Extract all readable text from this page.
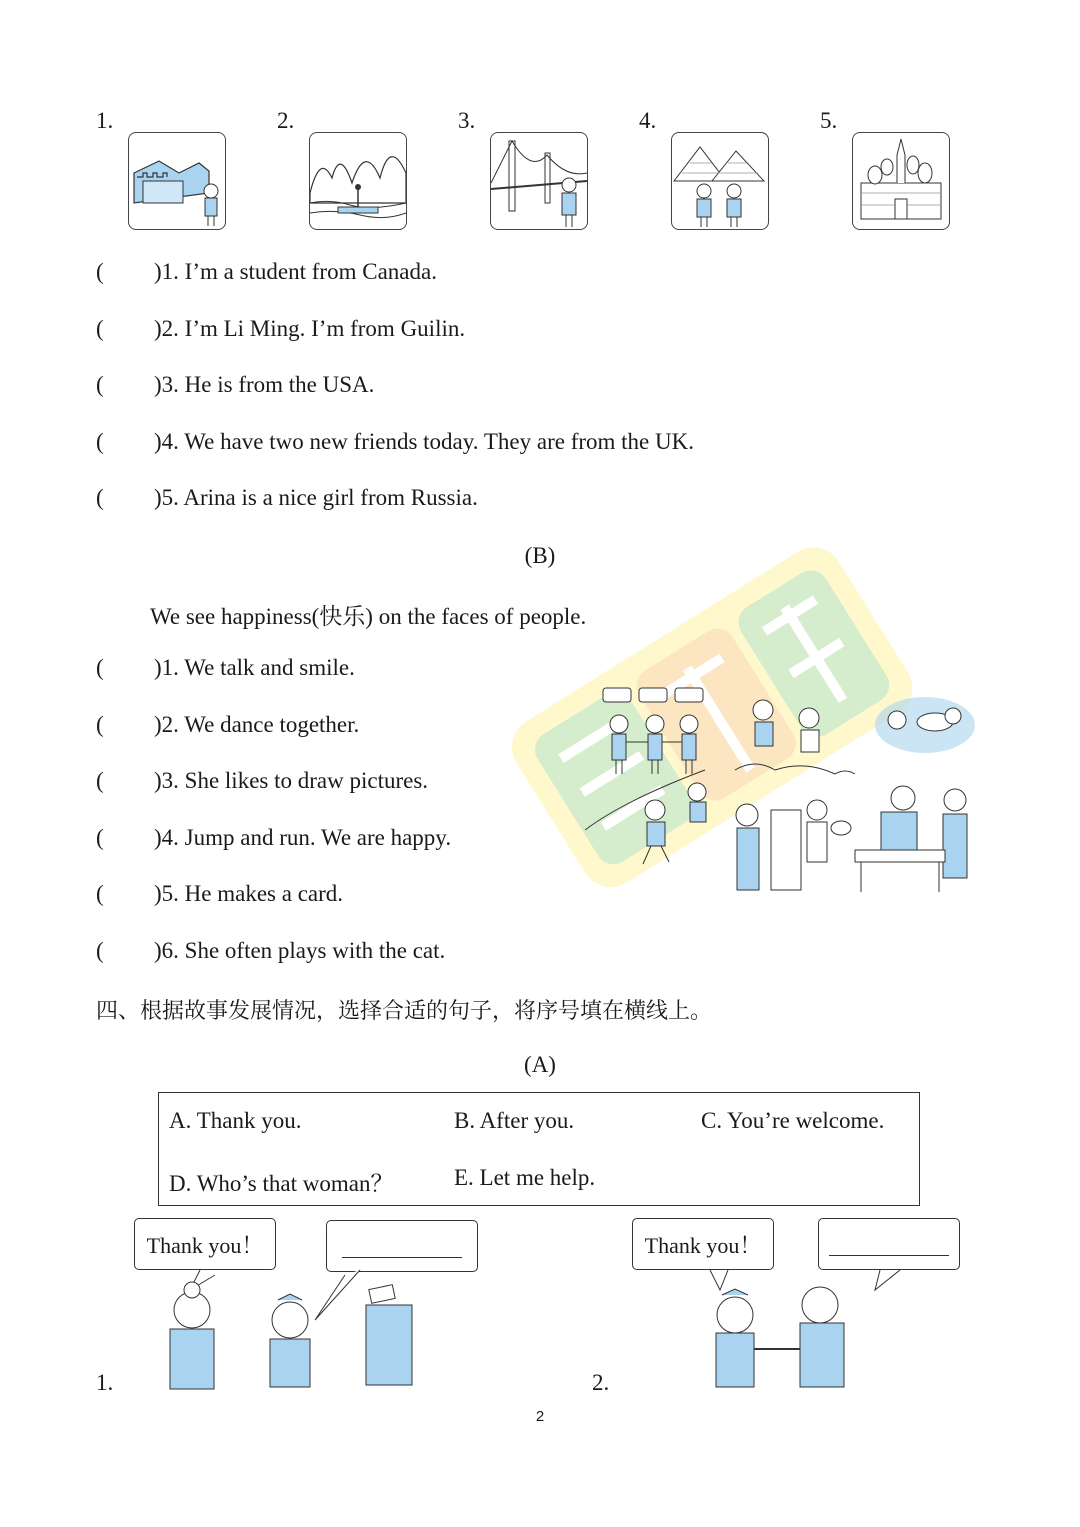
1.	2.	3.	4.	5.
( )1. I’m a student from Canada.
( )2. I’m Li Ming. I’m from Guilin.
( )3. He is from the USA.
( )4. We have two new friends today. They are from the UK.
( )5. Arina is a nice girl from Russia.
(B)
We see happiness(快乐) on the faces of people.
( )1. We talk and smile.
( )2. We dance together.
( )3. She likes to draw pictures.
( )4. Jump and run. We are happy.
( )5. He makes a card.
( )6. She often plays with the cat.
四、根据故事发展情况，选择合适的句子，将序号填在横线上。
(A)
A. Thank you.	B. After you.	C. You’re welcome.
D. Who’s that woman？	E. Let me help.
1.
Thank you！
2.
Thank you！
2
